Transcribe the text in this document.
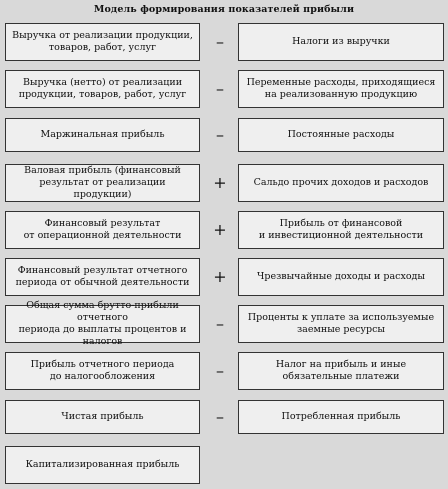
Модель формирования показателей прибыли
Выручка от реализации продукции,
товаров, работ, услуг	–	Налоги из выручки
Выручка (нетто) от реализации
продукции, товаров, работ, услуг	–	Переменные расходы, приходящиеся
на реализованную продукцию
Маржинальная прибыль	–	Постоянные расходы
Валовая прибыль (финансовый
результат от реализации продукции)
+	Сальдо прочих доходов и расходов
Финансовый результат
от операционной деятельности	+	Прибыль от финансовой
и инвестиционной деятельности
Финансовый результат отчетного
периода от обычной деятельности	+	Чрезвычайные доходы и расходы
Общая сумма брутто-прибыли отчетного
периода до выплаты процентов и налогов
–	Проценты к уплате за используемые
заемные ресурсы
Прибыль отчетного периода
до налогообложения	–	Налог на прибыль и иные
обязательные платежи
Чистая прибыль	–	Потребленная прибыль
Капитализированная прибыль
